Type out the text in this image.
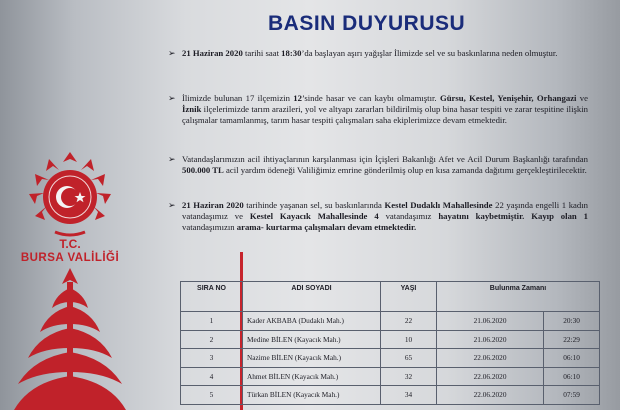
T.C.
BURSA VALİLİĞİ
BASIN DUYURUSU
➢ 21 Haziran 2020 tarihi saat 18:30’da başlayan aşırı yağışlar İlimizde sel ve su baskınlarına neden olmuştur.
➢ İlimizde bulunan 17 ilçemizin 12’sinde hasar ve can kaybı olmamıştır. Gürsu, Kestel, Yenişehir, Orhangazi ve İznik ilçelerimizde tarım arazileri, yol ve altyapı zararları bildirilmiş olup bina hasar tespiti ve zarar tespitine ilişkin çalışmalar tamamlanmış, tarım hasar tespiti çalışmaları saha ekiplerimizce devam etmektedir.
➢ Vatandaşlarımızın acil ihtiyaçlarının karşılanması için İçişleri Bakanlığı Afet ve Acil Durum Başkanlığı tarafından 500.000 TL acil yardım ödeneği Valiliğimiz emrine gönderilmiş olup en kısa zamanda dağıtımı gerçekleştirilecektir.
➢ 21 Haziran 2020 tarihinde yaşanan sel, su baskınlarında Kestel Dudaklı Mahallesinde 22 yaşında engelli 1 kadın vatandaşımız ve Kestel Kayacık Mahallesinde 4 vatandaşımız hayatını kaybetmiştir. Kayıp olan 1 vatandaşımızın arama- kurtarma çalışmaları devam etmektedir.
SIRA NO	ADI SOYADI	YAŞI	Bulunma Zamanı	
1	Kader AKBABA (Dudaklı Mah.)	22	21.06.2020	20:30
2	Medine BİLEN (Kayacık Mah.)	10	21.06.2020	22:29
3	Nazime BİLEN (Kayacık Mah.)	65	22.06.2020	06:10
4	Ahmet BİLEN (Kayacık Mah.)	32	22.06.2020	06:10
5	Türkan BİLEN (Kayacık Mah.)	34	22.06.2020	07:59
